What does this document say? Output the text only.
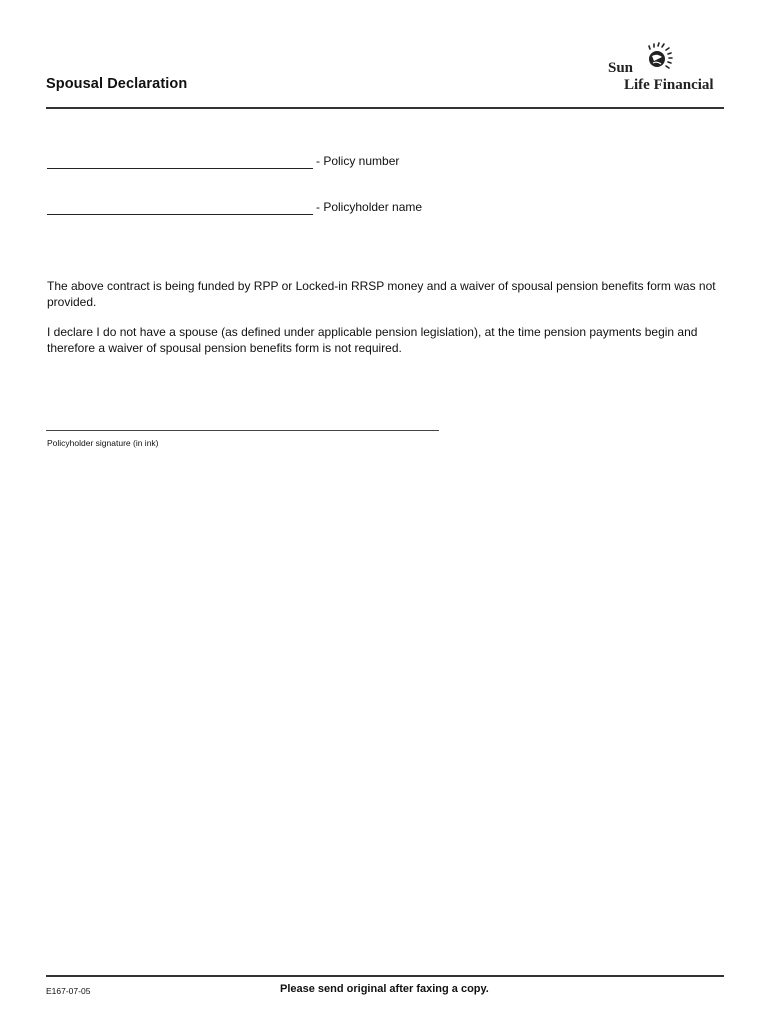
Spousal Declaration
Sun
Life Financial
- Policy number
- Policyholder name

The above contract is being funded by RPP or Locked-in RRSP money and a waiver of spousal pension benefits form was not provided.

I declare I do not have a spouse (as defined under applicable pension legislation), at the time pension payments begin and therefore a waiver of spousal pension benefits form is not required.

Policyholder signature (in ink)
E167-07-05	Please send original after faxing a copy.
